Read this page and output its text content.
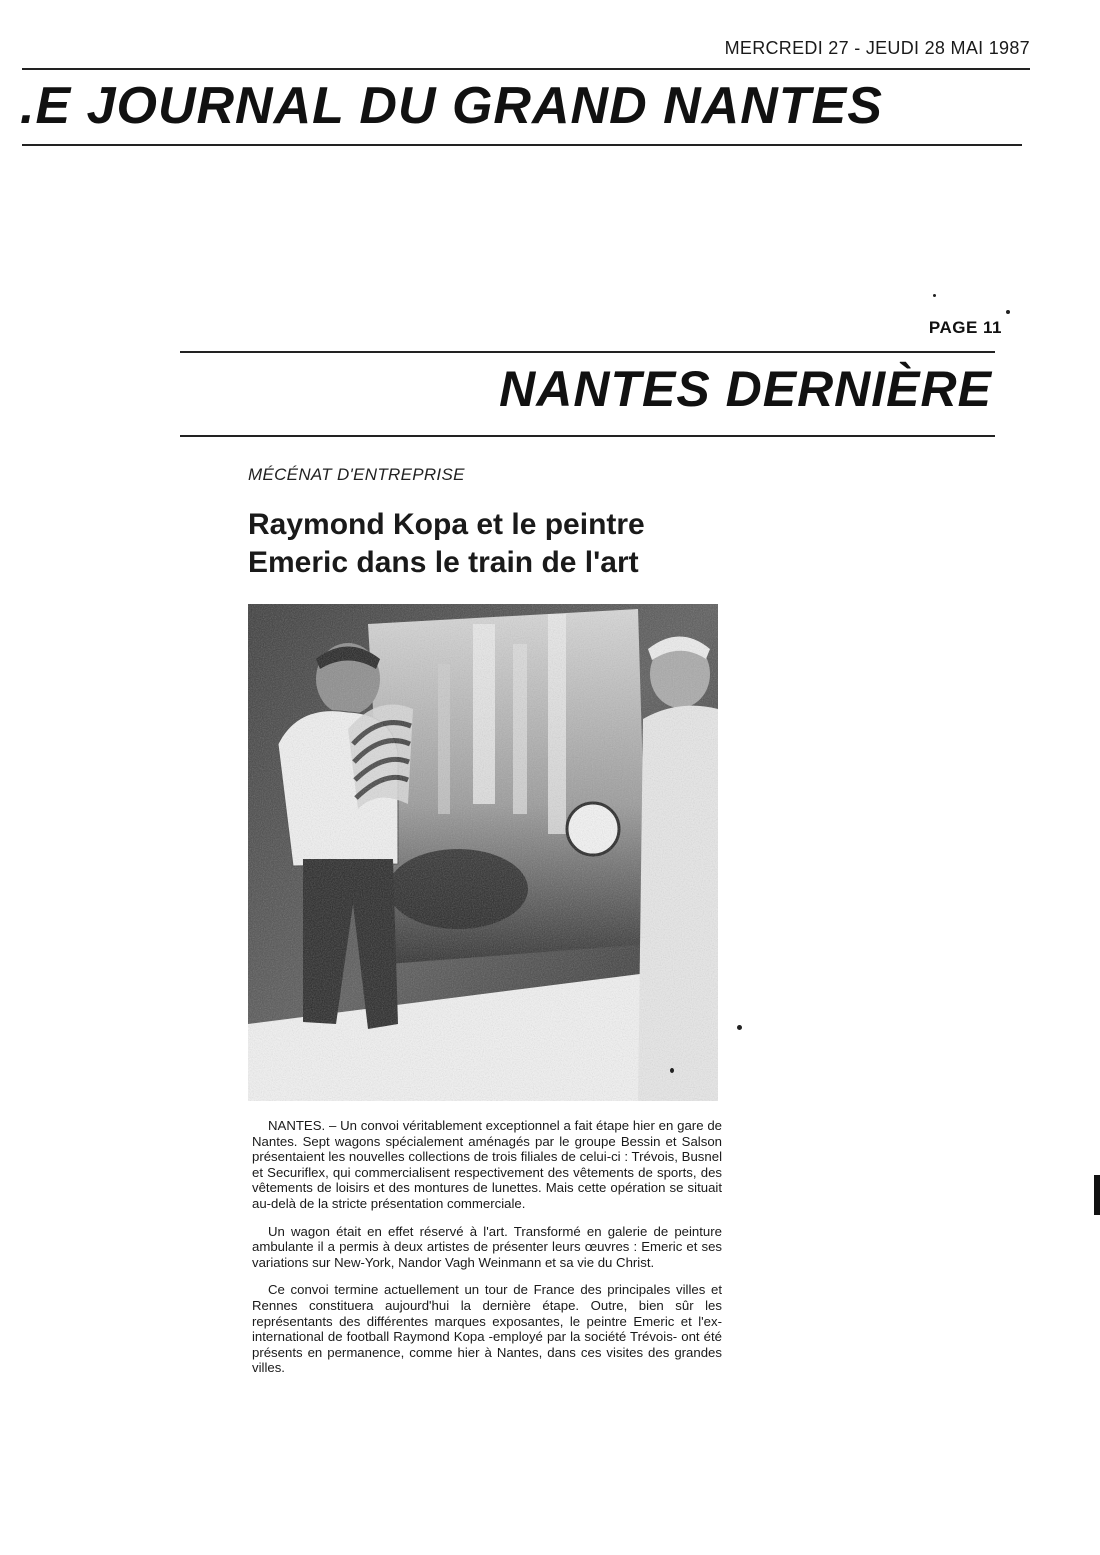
MERCREDI 27 - JEUDI 28 MAI 1987
.E JOURNAL DU GRAND NANTES
PAGE 11
NANTES DERNIÈRE
MÉCÉNAT D'ENTREPRISE
Raymond Kopa et le peintre
Emeric dans le train de l'art

NANTES. – Un convoi véritablement exceptionnel a fait étape hier en gare de Nantes. Sept wagons spécialement aménagés par le groupe Bessin et Salson présentaient les nouvelles collections de trois filiales de celui-ci : Trévois, Busnel et Securiflex, qui commercialisent respectivement des vêtements de sports, des vêtements de loisirs et des montures de lunettes. Mais cette opération se situait au-delà de la stricte présentation commerciale.

Un wagon était en effet réservé à l'art. Transformé en galerie de peinture ambulante il a permis à deux artistes de présenter leurs œuvres : Emeric et ses variations sur New-York, Nandor Vagh Weinmann et sa vie du Christ.

Ce convoi termine actuellement un tour de France des principales villes et Rennes constituera aujourd'hui la dernière étape. Outre, bien sûr les représentants des différentes marques exposantes, le peintre Emeric et l'ex-international de football Raymond Kopa -employé par la société Trévois- ont été présents en permanence, comme hier à Nantes, dans ces visites des grandes villes.
